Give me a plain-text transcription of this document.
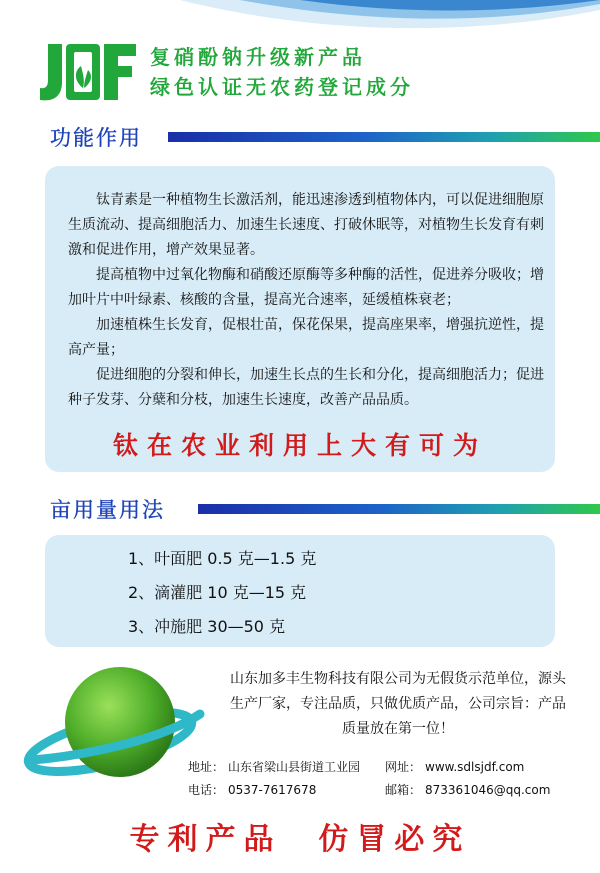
复硝酚钠升级新产品
绿色认证无农药登记成分
功能作用

钛青素是一种植物生长激活剂，能迅速渗透到植物体内，可以促进细胞原生质流动、提高细胞活力、加速生长速度、打破休眠等，对植物生长发育有刺激和促进作用，增产效果显著。

提高植物中过氧化物酶和硝酸还原酶等多种酶的活性，促进养分吸收；增加叶片中叶绿素、核酸的含量，提高光合速率，延缓植株衰老；

加速植株生长发育，促根壮苗，保花保果，提高座果率，增强抗逆性，提高产量；

促进细胞的分裂和伸长，加速生长点的生长和分化，提高细胞活力；促进种子发芽、分蘖和分枝，加速生长速度，改善产品品质。

钛在农业利用上大有可为
亩用量用法
1、叶面肥 0.5 克—1.5 克
2、滴灌肥 10 克—15 克
3、冲施肥 30—50 克

山东加多丰生物科技有限公司为无假货示范单位，源头生产厂家，专注品质，只做优质产品，公司宗旨：产品质量放在第一位！

地址： 山东省梁山县街道工业园 网址： www.sdlsjdf.com
电话： 0537-7617678	邮箱： 873361046@qq.com
专利产品  仿冒必究
